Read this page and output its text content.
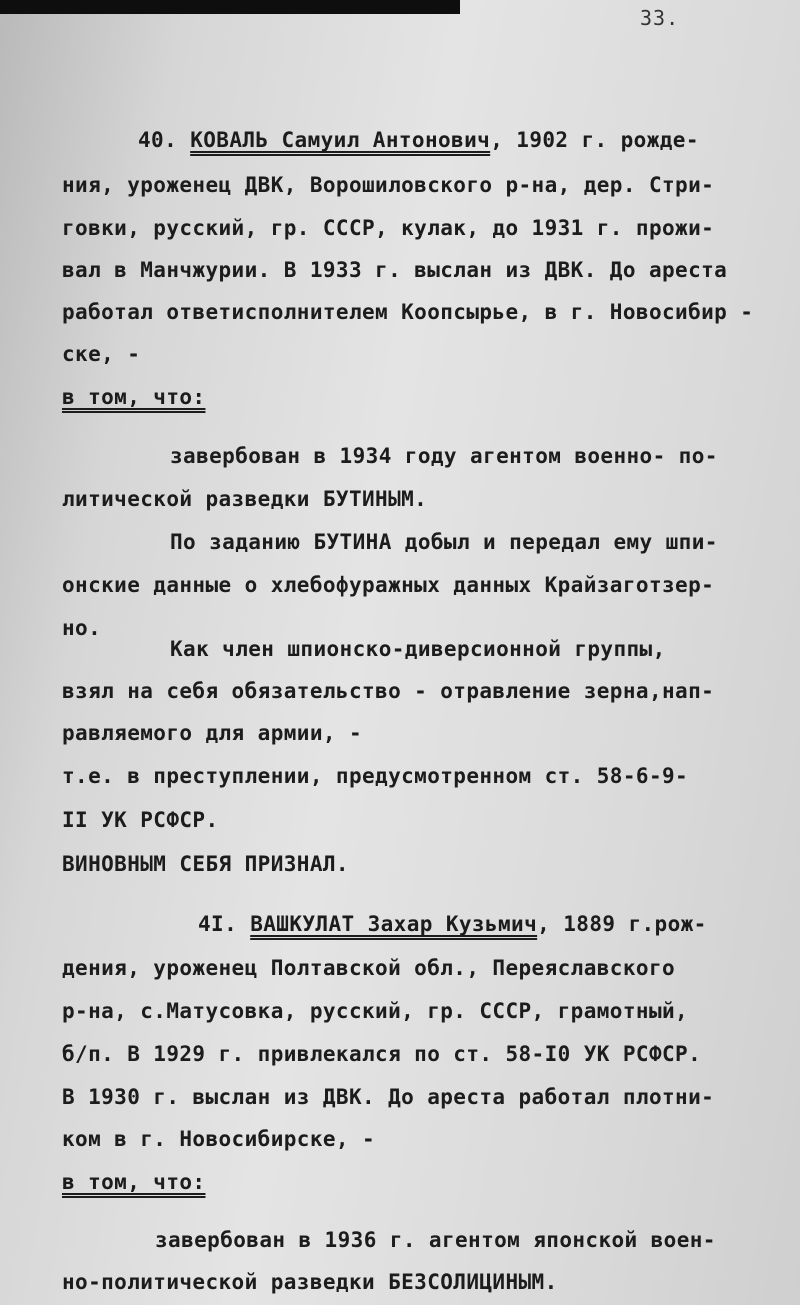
33.
40. КОВАЛЬ Самуил Антонович, 1902 г. рожде-
ния, уроженец ДВК, Ворошиловского р-на, дер. Стри-
говки, русский, гр. СССР, кулак, до 1931 г. прожи-
вал в Манчжурии. В 1933 г. выслан из ДВК. До ареста
работал ответисполнителем Коопсырье, в г. Новосибир -
ске, -
в том, что:
завербован в 1934 году агентом военно- по-
литической разведки БУТИНЫМ.
По заданию БУТИНА добыл и передал ему шпи-
онские данные о хлебофуражных данных Крайзаготзер-
но.
Как член шпионско-диверсионной группы,
взял на себя обязательство - отравление зерна,нап-
равляемого для армии, -
т.е. в преступлении, предусмотренном ст. 58-6-9-
II УК РСФСР.
ВИНОВНЫМ СЕБЯ ПРИЗНАЛ.
4I. ВАШКУЛАТ Захар Кузьмич, 1889 г.рож-
дения, уроженец Полтавской обл., Переяславского
р-на, с.Матусовка, русский, гр. СССР, грамотный,
б/п. В 1929 г. привлекался по ст. 58-I0 УК РСФСР.
В 1930 г. выслан из ДВК. До ареста работал плотни-
ком в г. Новосибирске, -
в том, что:
завербован в 1936 г. агентом японской воен-
но-политической разведки БЕЗСОЛИЦИНЫМ.
